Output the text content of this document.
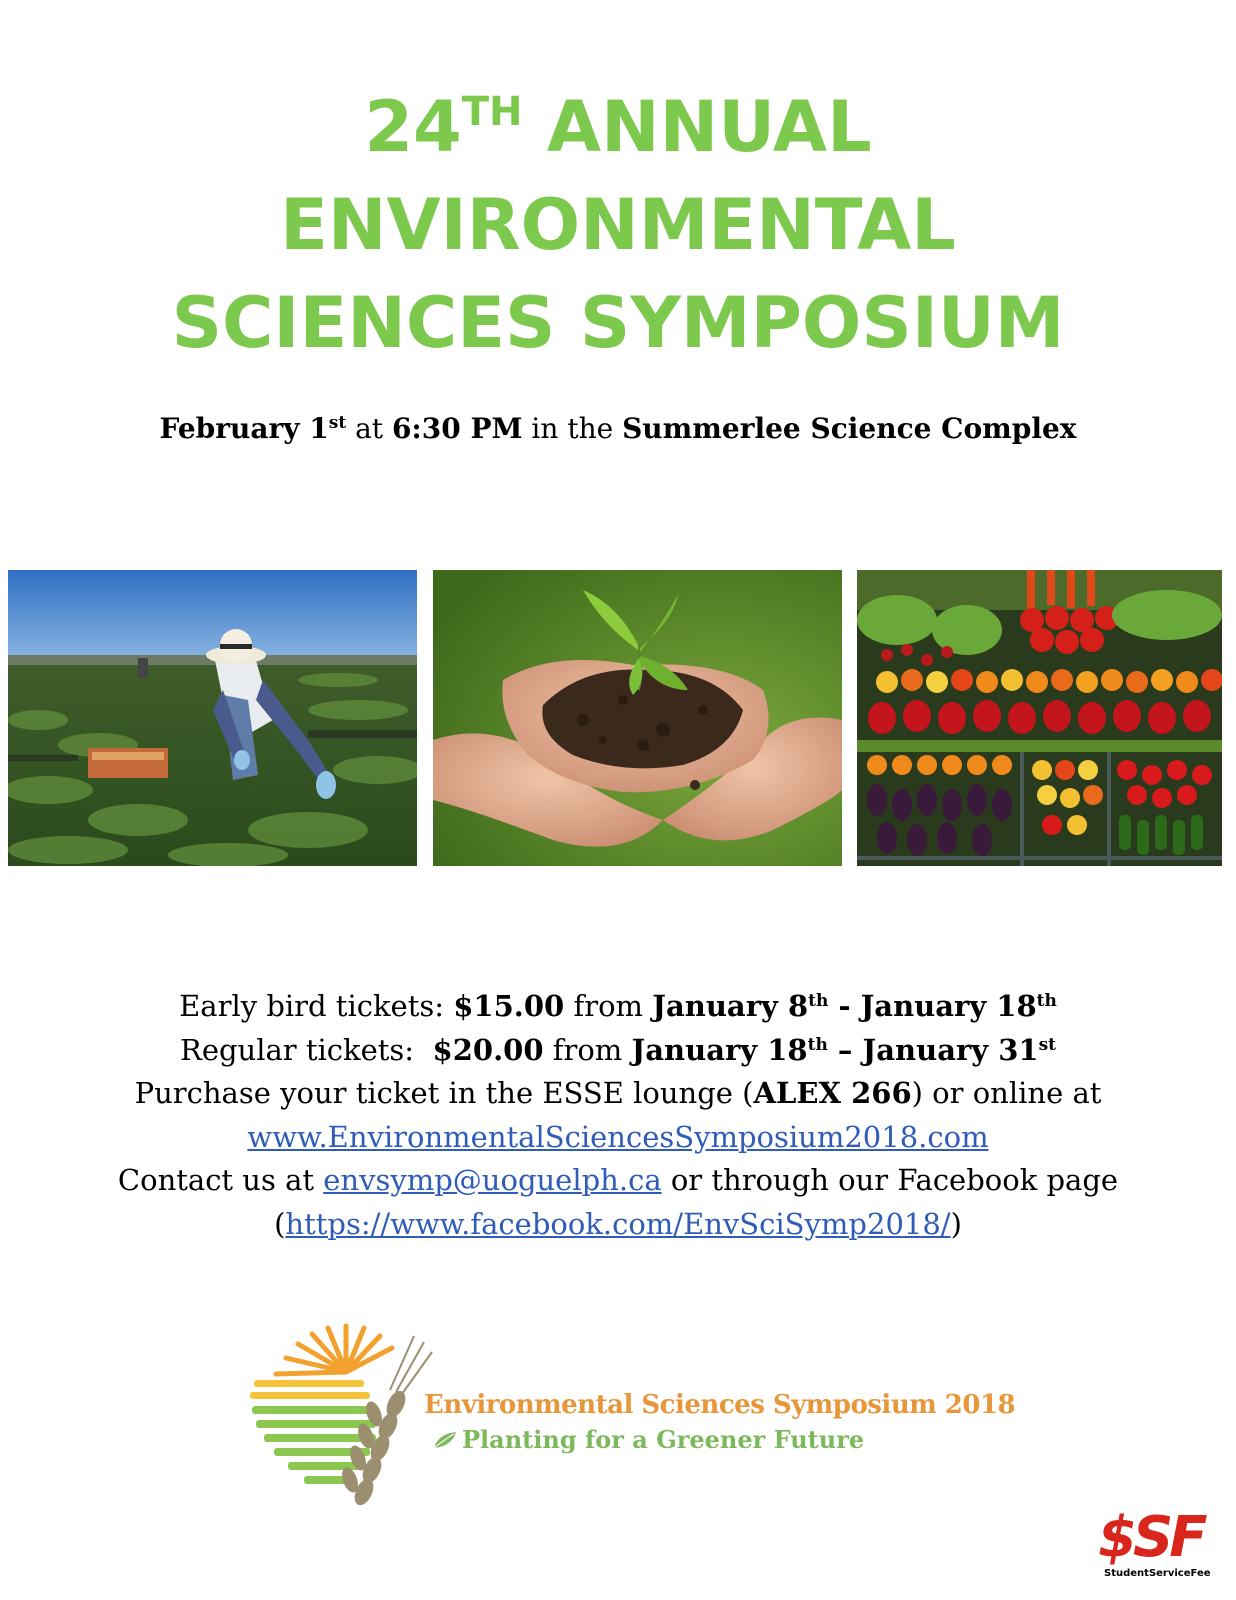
24TH ANNUAL
ENVIRONMENTAL
SCIENCES SYMPOSIUM
February 1st at 6:30 PM in the Summerlee Science Complex
Early bird tickets: $15.00 from January 8th - January 18th
Regular tickets:  $20.00 from January 18th – January 31st
Purchase your ticket in the ESSE lounge (ALEX 266) or online at
www.EnvironmentalSciencesSymposium2018.com
Contact us at envsymp@uoguelph.ca or through our Facebook page
(https://www.facebook.com/EnvSciSymp2018/)
Environmental Sciences Symposium 2018
Planting for a Greener Future
$SF
StudentServiceFee
